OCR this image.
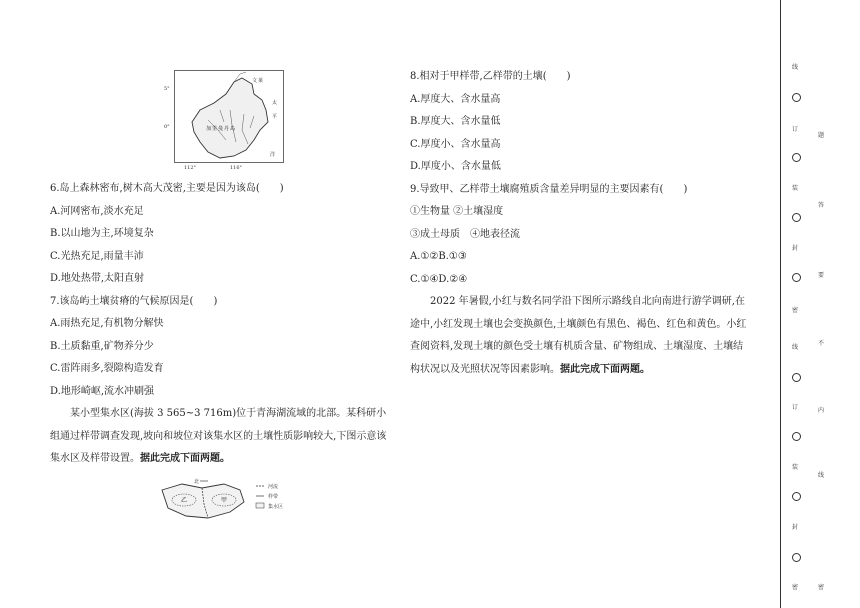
5°
0°
112°	116°
文 莱
加 里 曼 丹 岛
太
平
洋
6.岛上森林密布,树木高大茂密,主要是因为该岛(　　)
A.河网密布,淡水充足
B.以山地为主,环境复杂
C.光热充足,雨量丰沛
D.地处热带,太阳直射
7.该岛屿土壤贫瘠的气候原因是(　　)
A.雨热充足,有机物分解快
B.土质黏重,矿物养分少
C.雷阵雨多,裂隙构造发育
D.地形崎岖,流水冲刷强
某小型集水区(海拔 3 565~3 716m)位于青海湖流域的北部。某科研小组通过样带调查发现,坡向和坡位对该集水区的土壤性质影响较大,下图示意该集水区及样带设置。据此完成下面两题。
乙	甲
北
河流
样带
集水区
8.相对于甲样带,乙样带的土壤(　　)
A.厚度大、含水量高
B.厚度大、含水量低
C.厚度小、含水量高
D.厚度小、含水量低
9.导致甲、乙样带土壤腐殖质含量差异明显的主要因素有(　　)
①生物量 ②土壤湿度
③成土母质　④地表径流
A.①②B.①③
C.①④D.②④
2022 年暑假,小红与数名同学沿下图所示路线自北向南进行游学调研,在途中,小红发现土壤也会变换颜色,土壤颜色有黑色、褐色、红色和黄色。小红查阅资料,发现土壤的颜色受土壤有机质含量、矿物组成、土壤湿度、土壤结构状况以及光照状况等因素影响。据此完成下面两题。
线
题
订
答
装
要
封
不
密
内
线
订
线
装
封
密	密
